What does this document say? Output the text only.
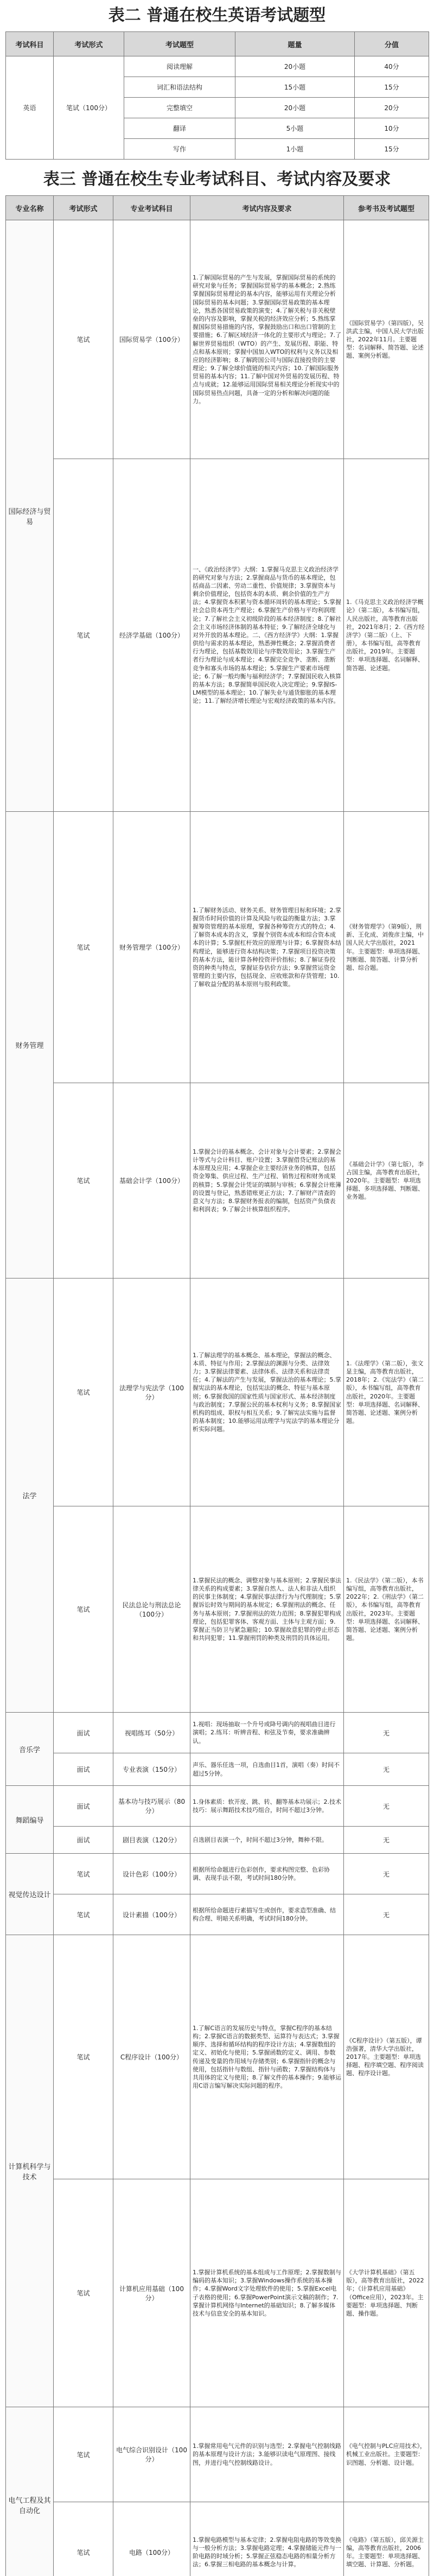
表二 普通在校生英语考试题型
考试科目	考试形式	考试题型	题量	分值
英语	笔试（100分）	阅读理解	20小题	40分
		词汇和语法结构	15小题	15分
		完整填空	20小题	20分
		翻译	5小题	10分
		写作	1小题	15分
表三 普通在校生专业考试科目、考试内容及要求
专业名称	考试形式	专业考试科目	考试内容及要求	参考书及考试题型
国际经济与贸易	笔试	国际贸易学（100分）	1.了解国际贸易的产生与发展，掌握国际贸易的系统的研究对象与任务；掌握国际贸易学的基本概念；2.熟练掌握国际贸易理论的基本内容，能够运用有关理论分析国际贸易的基本问题；3.掌握国际贸易政策的基本理论，熟悉各国贸易政策的演变；4.了解关税与非关税壁垒的内容及影响，掌握关税的经济效应分析；5.熟练掌握国际贸易措施的内容，掌握鼓励出口和出口管制的主要措施；6.了解区域经济一体化的主要形式与理论；7.了解世界贸易组织（WTO）的产生、发展历程、职能、特点和基本原则；掌握中国加入WTO的权利与义务以及相应的经济影响；8.了解跨国公司与国际直接投资的主要理论；9.了解全球价值链的相关内容；10.了解国际服务贸易的基本内容；11.了解中国对外贸易的发展历程、特点与成就；12.能够运用国际贸易相关理论分析现实中的国际贸易热点问题，具备一定的分析和解决问题的能力。	《国际贸易学》（第四版），吴洪武主编，中国人民大学出版社，2022年11月。主要题型：名词解释、简答题、论述题、案例分析题。
	笔试	经济学基础（100分）	一、《政治经济学》大纲：1.掌握马克思主义政治经济学的研究对象与方法；2.掌握商品与货币的基本理论，包括商品二因素、劳动二重性、价值规律；3.掌握资本与剩余价值理论，包括资本的本质、剩余价值的生产方法；4.掌握资本积累与资本循环周转的基本理论；5.掌握社会总资本再生产理论；6.掌握生产价格与平均利润理论；7.了解社会主义初级阶段的基本经济制度；8.了解社会主义市场经济体制的基本特征；9.了解经济全球化与对外开放的基本理论。二、《西方经济学》大纲：1.掌握供给与需求的基本理论，熟悉弹性概念；2.掌握消费者行为理论，包括基数效用论与序数效用论；3.掌握生产者行为理论与成本理论；4.掌握完全竞争、垄断、垄断竞争和寡头市场的基本理论；5.掌握生产要素市场理论；6.了解一般均衡与福利经济学；7.掌握国民收入核算的基本方法；8.掌握简单国民收入决定理论；9.掌握IS-LM模型的基本理论；10.了解失业与通货膨胀的基本理论；11.了解经济增长理论与宏观经济政策的基本内容。	1.《马克思主义政治经济学概论》（第二版），本书编写组，人民出版社，高等教育出版社，2021年8月；2.《西方经济学》（第二版）（上、下册），本书编写组，高等教育出版社，2019年。主要题型：单项选择题、名词解释、简答题、论述题。
财务管理	笔试	财务管理学（100分）	1.了解财务活动、财务关系、财务管理目标和环境；2.掌握货币时间价值的计算及风险与收益的衡量方法；3.掌握筹资管理的基本原理，掌握各种筹资方式的特点；4.了解资本成本的含义，掌握个别资本成本和综合资本成本的计算；5.掌握杠杆效应的原理与计算；6.掌握资本结构理论，能够进行资本结构决策；7.掌握项目投资决策的基本方法，能计算各种投资评价指标；8.了解证券投资的种类与特点，掌握证券估价方法；9.掌握营运资金管理的主要内容，包括现金、应收账款和存货管理；10.了解收益分配的基本原则与股利政策。	《财务管理学》（第9版），荆新、王化成、刘俊彦主编，中国人民大学出版社，2021年。主要题型：单项选择题、判断题、简答题、计算分析题、综合题。
	笔试	基础会计学（100分）	1.掌握会计的基本概念、会计对象与会计要素；2.掌握会计等式与会计科目、账户设置；3.掌握借贷记账法的基本原理及应用；4.掌握企业主要经济业务的核算，包括资金筹集、供应过程、生产过程、销售过程和财务成果的核算；5.掌握会计凭证的填制与审核；6.掌握会计账簿的设置与登记，熟悉错账更正方法；7.了解财产清查的意义与方法；8.掌握财务报表的编制，包括资产负债表和利润表；9.了解会计核算组织程序。	《基础会计学》（第七版），李占国主编，高等教育出版社，2020年。主要题型：单项选择题、多项选择题、判断题、业务题。
法学	笔试	法理学与宪法学（100分）	1.了解法理学的基本概念、基本理论，掌握法的概念、本质、特征与作用；2.掌握法的渊源与分类、法律效力；3.掌握法律要素、法律体系、法律关系和法律责任；4.了解法的产生与发展，掌握法治的基本理论；5.掌握宪法的基本理论，包括宪法的概念、特征与基本原则；6.掌握我国的国家性质与国家形式、基本经济制度与政治制度；7.掌握公民的基本权利与义务；8.掌握国家机构的组成、职权与相互关系；9.了解宪法实施与监督的基本制度；10.能够运用法理学与宪法学的基本理论分析实际问题。	1.《法理学》（第二版），张文显主编，高等教育出版社，2018年；2.《宪法学》（第二版），本书编写组，高等教育出版社，2020年。主要题型：单项选择题、名词解释、简答题、论述题、案例分析题。
	笔试	民法总论与刑法总论（100分）	1.掌握民法的概念、调整对象与基本原则；2.掌握民事法律关系的构成要素；3.掌握自然人、法人和非法人组织的民事主体制度；4.掌握民事法律行为与代理制度；5.掌握诉讼时效与期间的基本规定；6.掌握刑法的概念、任务与基本原则；7.掌握刑法的效力范围；8.掌握犯罪构成理论，包括犯罪客体、客观方面、主体与主观方面；9.掌握正当防卫与紧急避险；10.掌握故意犯罪的停止形态和共同犯罪；11.掌握刑罚的种类及刑罚的具体运用。	1.《民法学》（第二版），本书编写组，高等教育出版社，2022年；2.《刑法学》（第二版），本书编写组，高等教育出版社，2023年。主要题型：单项选择题、名词解释、简答题、论述题、案例分析题。
音乐学	面试	视唱练耳（50分）	1.视唱：现场抽取一个升号或降号调内的视唱曲目进行演唱；2.练耳：听辨音程、和弦及节奏，要求准确辨认。	无
	面试	专业表演（150分）	声乐、器乐任选一项，自选曲目1首，演唱（奏）时间不超过5分钟。	无
舞蹈编导	面试	基本功与技巧展示（80分）	1.身体素质：软开度、跳、转、翻等基本功展示；2.技术技巧：展示舞蹈技术技巧组合，时间不超过3分钟。	无
	面试	剧目表演（120分）	自选剧目表演一个，时间不超过3分钟，舞种不限。	无
视觉传达设计	笔试	设计色彩（100分）	根据所给命题进行色彩创作，要求构图完整、色彩协调、表现手法不限，考试时间180分钟。	无
	笔试	设计素描（100分）	根据所给命题进行素描写生或创作，要求造型准确、结构合理、明暗关系明确，考试时间180分钟。	无
计算机科学与技术	笔试	C程序设计（100分）	1.了解C语言的发展历史与特点，掌握C程序的基本结构；2.掌握C语言的数据类型、运算符与表达式；3.掌握顺序、选择和循环结构的程序设计方法；4.掌握数组的定义、初始化与使用；5.掌握函数的定义、调用、参数传递及变量的作用域与存储类别；6.掌握指针的概念与使用，包括指针与数组、指针与函数；7.掌握结构体与共用体的定义与使用；8.了解文件的基本操作；9.能够运用C语言编写解决实际问题的程序。	《C程序设计》（第五版），谭浩强著，清华大学出版社，2017年。主要题型：单项选择题、程序填空题、程序阅读题、程序设计题。
	笔试	计算机应用基础（100分）	1.掌握计算机系统的基本组成与工作原理；2.掌握数制与编码的基本知识；3.掌握Windows操作系统的基本操作；4.掌握Word文字处理软件的使用；5.掌握Excel电子表格的使用；6.掌握PowerPoint演示文稿的制作；7.掌握计算机网络与Internet的基础知识；8.了解多媒体技术与信息安全的基本知识。	《大学计算机基础》（第五版），高等教育出版社，2022年；《计算机应用基础》（Office应用），2023年。主要题型：单项选择题、判断题、操作题。
电气工程及其自动化	笔试	电气综合识别设计（100分）	1.掌握常用电气元件的识别与选型；2.掌握电气控制线路的基本原理与设计方法；3.能够识读电气原理图、接线图，并进行电气控制线路设计。	《电气控制与PLC应用技术》，机械工业出版社。主要题型：识图题、分析题、设计题。
	笔试	电路（100分）	1.掌握电路模型与基本定律；2.掌握电阻电路的等效变换与一般分析方法；3.掌握电路定理；4.掌握储能元件与一阶电路的时域分析；5.掌握正弦稳态电路的相量分析方法；6.掌握三相电路的基本概念与计算。	《电路》（第五版），邱关源主编，高等教育出版社，2006年。主要题型：单项选择题、填空题、计算题、分析题。
